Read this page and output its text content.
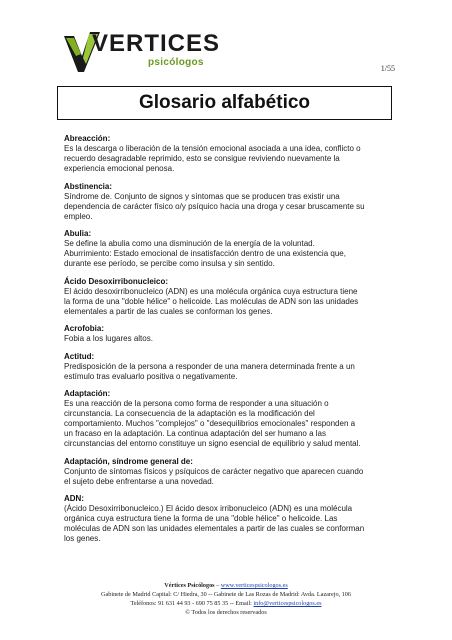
VERTICES
psicólogos
1/55
Glosario alfabético
Abreacción:
Es la descarga o liberación de la tensión emocional asociada a una idea, conflicto o
recuerdo desagradable reprimido, esto se consigue reviviendo nuevamente la
experiencia emocional penosa.
Abstinencia:
Síndrome de. Conjunto de signos y síntomas que se producen tras existir una
dependencia de carácter físico o/y psíquico hacia una droga y cesar bruscamente su
empleo.
Abulia:
Se define la abulia como una disminución de la energía de la voluntad.
Aburrimiento: Estado emocional de insatisfacción dentro de una existencia que,
durante ese período, se percibe como insulsa y sin sentido.
Ácido Desoxirribonucleico:
El ácido desoxirribonucleico (ADN) es una molécula orgánica cuya estructura tiene
la forma de una "doble hélice" o helicoide. Las moléculas de ADN son las unidades
elementales a partir de las cuales se conforman los genes.
Acrofobia:
Fobia a los lugares altos.
Actitud:
Predisposición de la persona a responder de una manera determinada frente a un
estímulo tras evaluarlo positiva o negativamente.
Adaptación:
Es una reacción de la persona como forma de responder a una situación o
circunstancia. La consecuencia de la adaptación es la modificación del
comportamiento. Muchos "complejos" o "desequilibrios emocionales" responden a
un fracaso en la adaptación. La continua adaptación del ser humano a las
circunstancias del entorno constituye un signo esencial de equilibrio y salud mental.
Adaptación, síndrome general de:
Conjunto de síntomas físicos y psíquicos de carácter negativo que aparecen cuando
el sujeto debe enfrentarse a una novedad.
ADN:
(Ácido Desoxirribonucleico.) El ácido desox irribonucleico (ADN) es una molécula
orgánica cuya estructura tiene la forma de una "doble hélice" o helicoide. Las
moléculas de ADN son las unidades elementales a partir de las cuales se conforman
los genes.
Vértices Psicólogos – www.verticespsicologos.es
Gabinete de Madrid Capital: C/ Hiedra, 30 -- Gabinete de Las Rozas de Madrid: Avda. Lazarejo, 106
Teléfonos: 91 631 44 93 - 690 75 85 35 -- Email: info@verticespsicologos.es
© Todos los derechos reservados
